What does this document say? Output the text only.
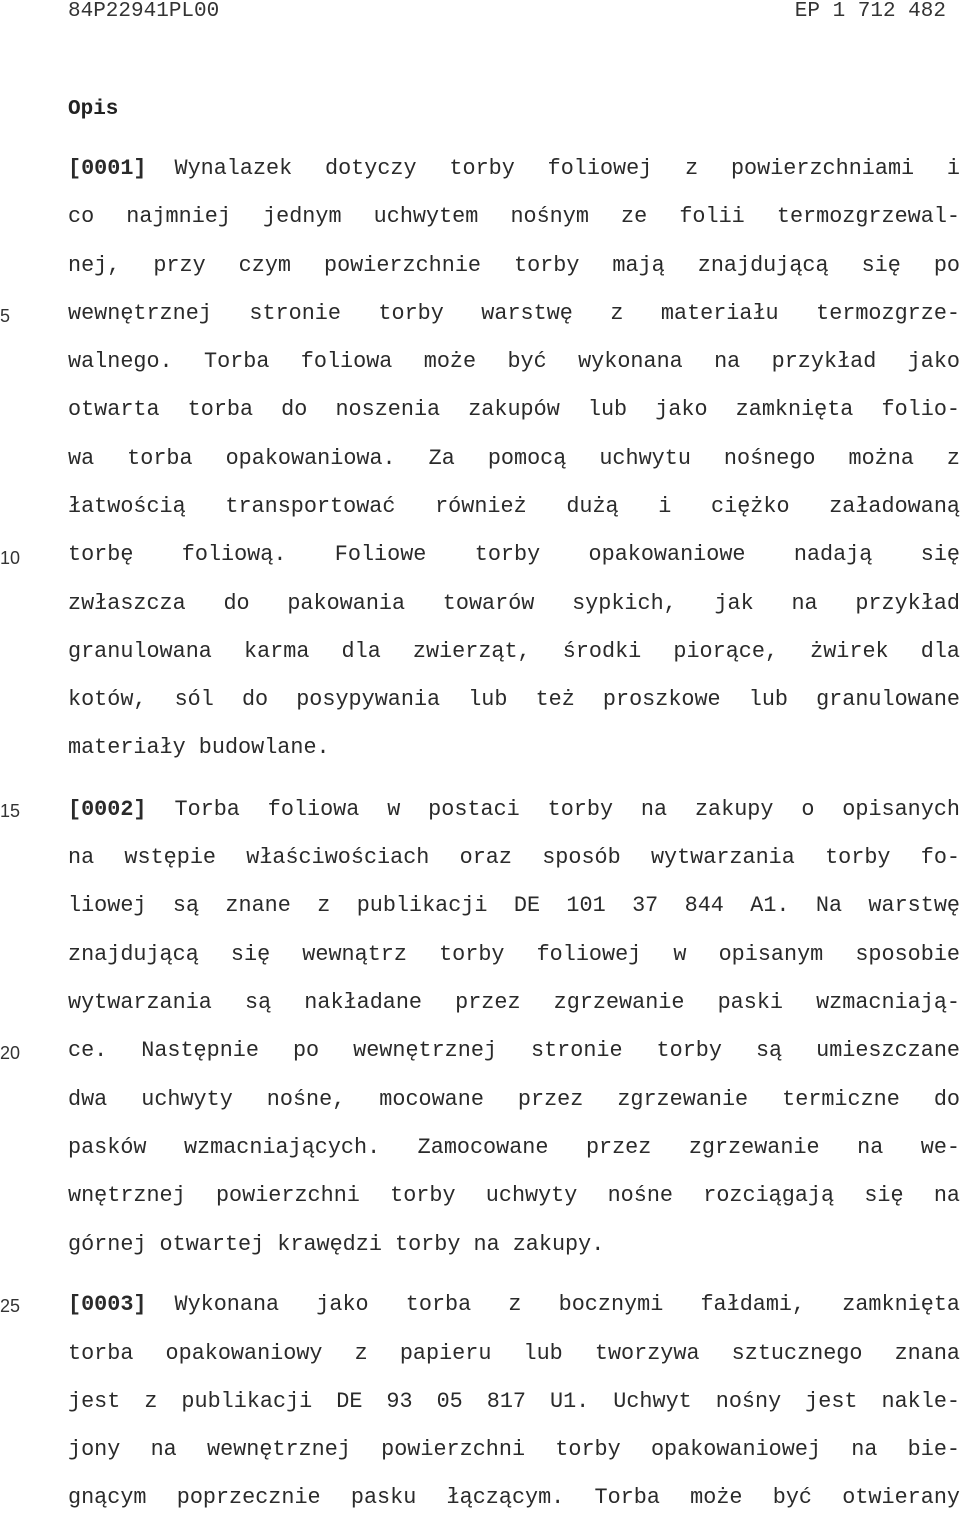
84P22941PL00	EP 1 712 482
Opis
5
10
15
20
25
[0001] Wynalazek dotyczy torby foliowej z powierzchniami i
co najmniej jednym uchwytem nośnym ze folii termozgrzewal-
nej, przy czym powierzchnie torby mają znajdującą się po
wewnętrznej stronie torby warstwę z materiału termozgrze-
walnego. Torba foliowa może być wykonana na przykład jako
otwarta torba do noszenia zakupów lub jako zamknięta folio-
wa torba opakowaniowa. Za pomocą uchwytu nośnego można z
łatwością transportować również dużą i ciężko załadowaną
torbę foliową. Foliowe torby opakowaniowe nadają się
zwłaszcza do pakowania towarów sypkich, jak na przykład
granulowana karma dla zwierząt, środki piorące, żwirek dla
kotów, sól do posypywania lub też proszkowe lub granulowane
materiały budowlane.
[0002] Torba foliowa w postaci torby na zakupy o opisanych
na wstępie właściwościach oraz sposób wytwarzania torby fo-
liowej są znane z publikacji DE 101 37 844 A1. Na warstwę
znajdującą się wewnątrz torby foliowej w opisanym sposobie
wytwarzania są nakładane przez zgrzewanie paski wzmacniają-
ce. Następnie po wewnętrznej stronie torby są umieszczane
dwa uchwyty nośne, mocowane przez zgrzewanie termiczne do
pasków wzmacniających. Zamocowane przez zgrzewanie na we-
wnętrznej powierzchni torby uchwyty nośne rozciągają się na
górnej otwartej krawędzi torby na zakupy.
[0003] Wykonana jako torba z bocznymi fałdami, zamknięta
torba opakowaniowy z papieru lub tworzywa sztucznego znana
jest z publikacji DE 93 05 817 U1. Uchwyt nośny jest nakle-
jony na wewnętrznej powierzchni torby opakowaniowej na bie-
gnącym poprzecznie pasku łączącym. Torba może być otwierany
